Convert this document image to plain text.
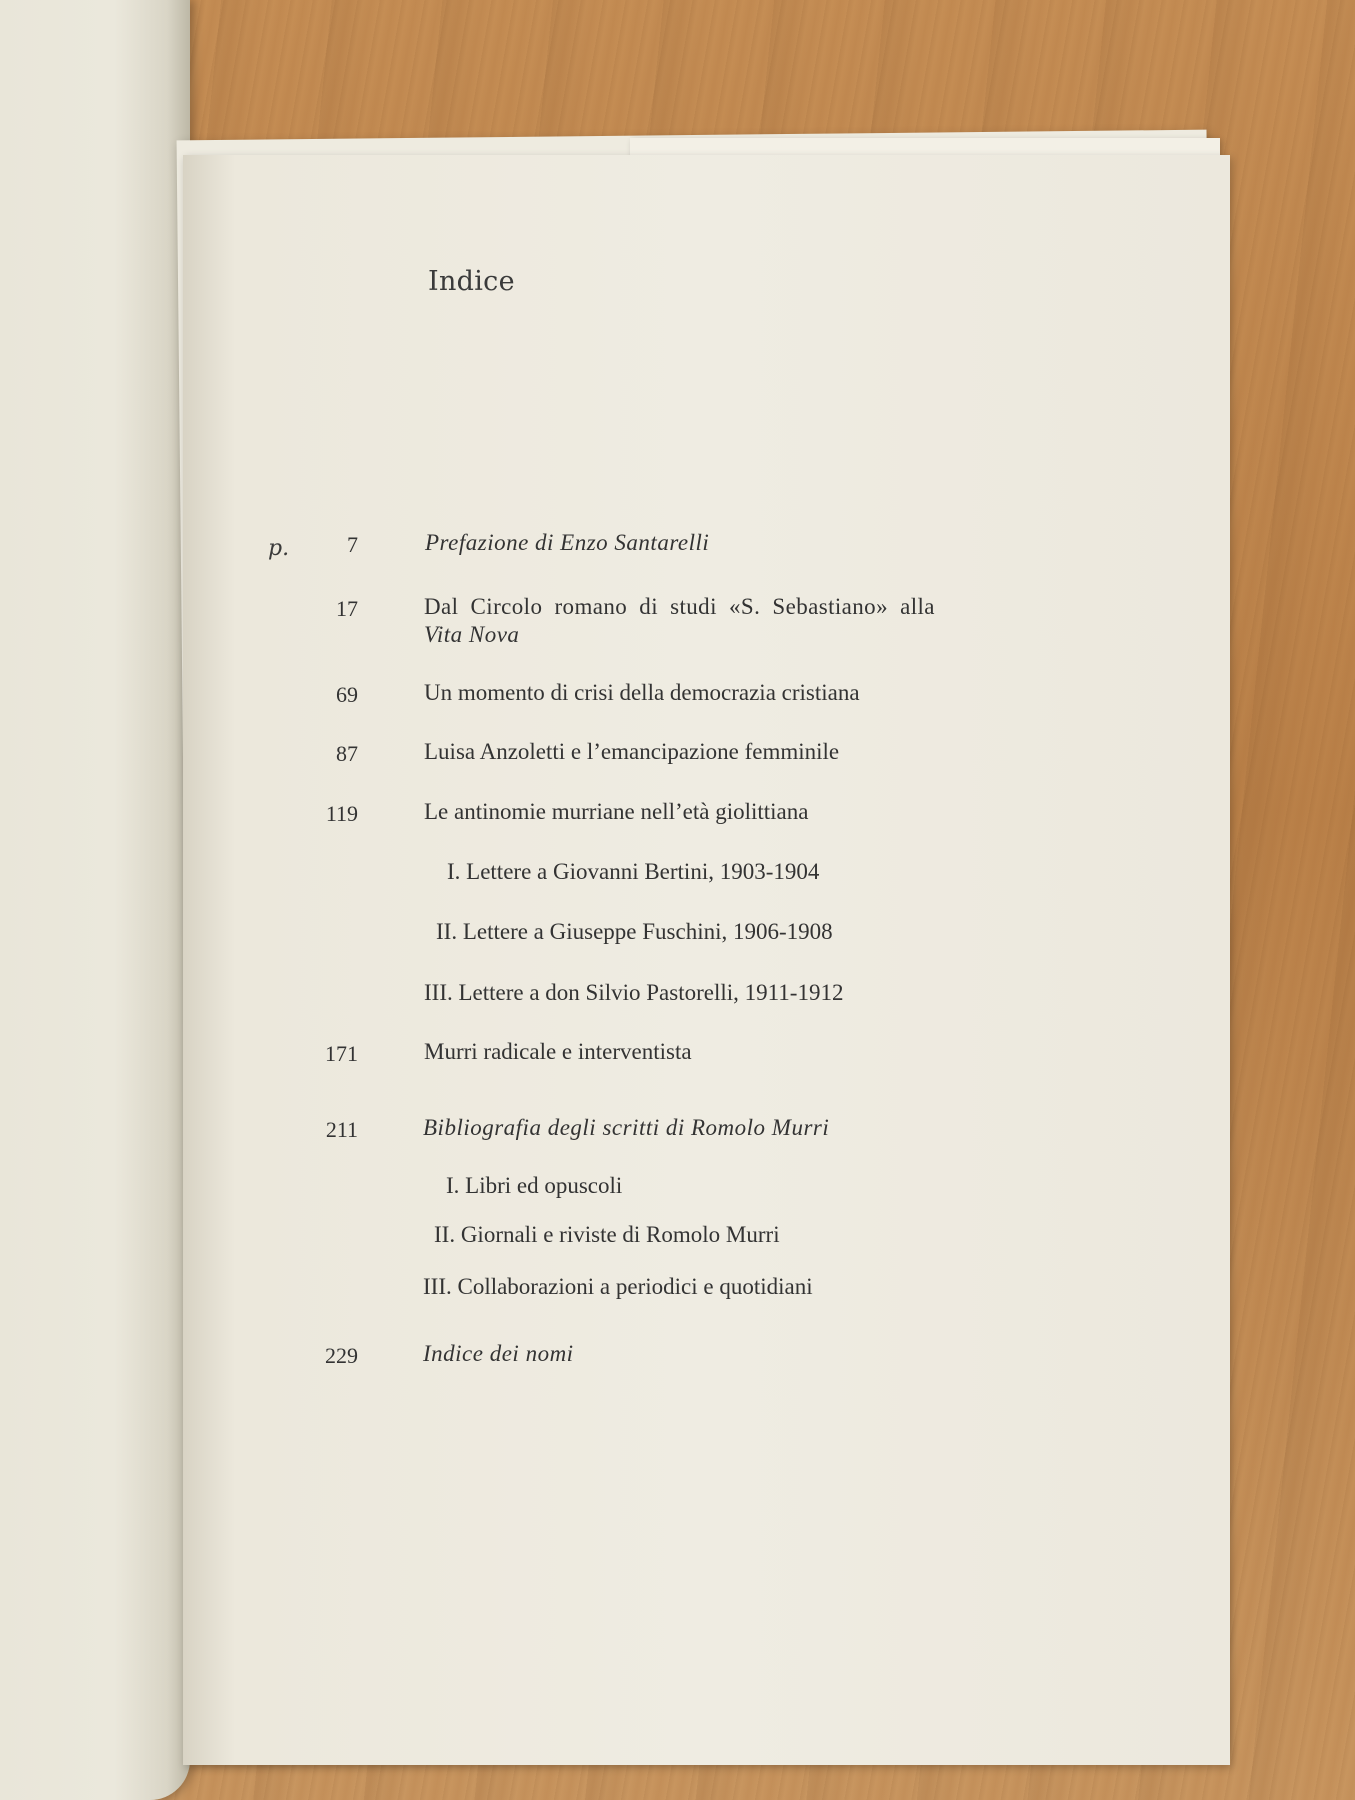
Indice
p.	7	Prefazione di Enzo Santarelli
17	Dal Circolo romano di studi «S. Sebastiano» alla
Vita Nova
69	Un momento di crisi della democrazia cristiana
87	Luisa Anzoletti e l’emancipazione femminile
119	Le antinomie murriane nell’età giolittiana
I. Lettere a Giovanni Bertini, 1903-1904
II. Lettere a Giuseppe Fuschini, 1906-1908
III. Lettere a don Silvio Pastorelli, 1911-1912
171	Murri radicale e interventista
211	Bibliografia degli scritti di Romolo Murri
I. Libri ed opuscoli
II. Giornali e riviste di Romolo Murri
III. Collaborazioni a periodici e quotidiani
229	Indice dei nomi
